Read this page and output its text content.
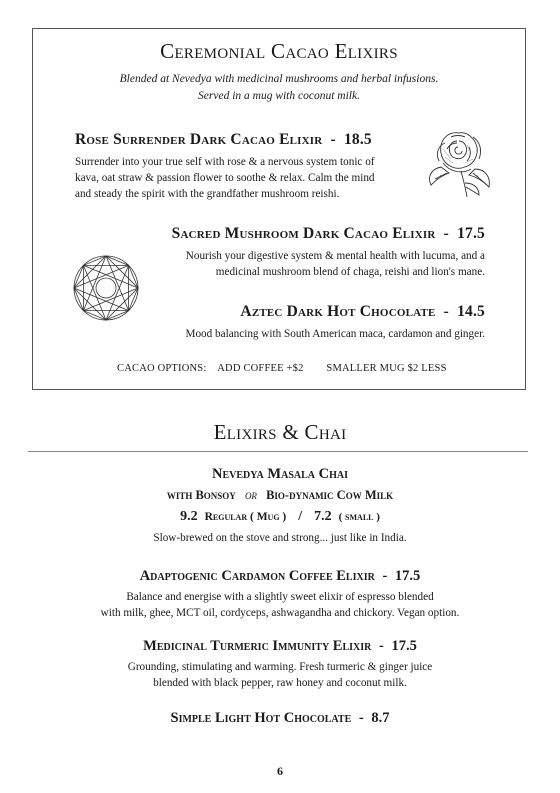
Ceremonial Cacao Elixirs
Blended at Nevedya with medicinal mushrooms and herbal infusions.
Served in a mug with coconut milk.
Rose Surrender Dark Cacao Elixir - 18.5
Surrender into your true self with rose & a nervous system tonic of
kava, oat straw & passion flower to soothe & relax. Calm the mind
and steady the spirit with the grandfather mushroom reishi.
Sacred Mushroom Dark Cacao Elixir - 17.5
Nourish your digestive system & mental health with lucuma, and a
medicinal mushroom blend of chaga, reishi and lion's mane.
Aztec Dark Hot Chocolate - 14.5
Mood balancing with South American maca, cardamon and ginger.
CACAO OPTIONS: ADD COFFEE +$2 SMALLER MUG $2 LESS
Elixirs & Chai
Nevedya Masala Chai
with Bonsoy or Bio-dynamic Cow Milk
9.2 Regular ( Mug ) / 7.2 ( small )
Slow-brewed on the stove and strong... just like in India.
Adaptogenic Cardamon Coffee Elixir - 17.5
Balance and energise with a slightly sweet elixir of espresso blended
with milk, ghee, MCT oil, cordyceps, ashwagandha and chickory. Vegan option.
Medicinal Turmeric Immunity Elixir - 17.5
Grounding, stimulating and warming. Fresh turmeric & ginger juice
blended with black pepper, raw honey and coconut milk.
Simple Light Hot Chocolate - 8.7
6
